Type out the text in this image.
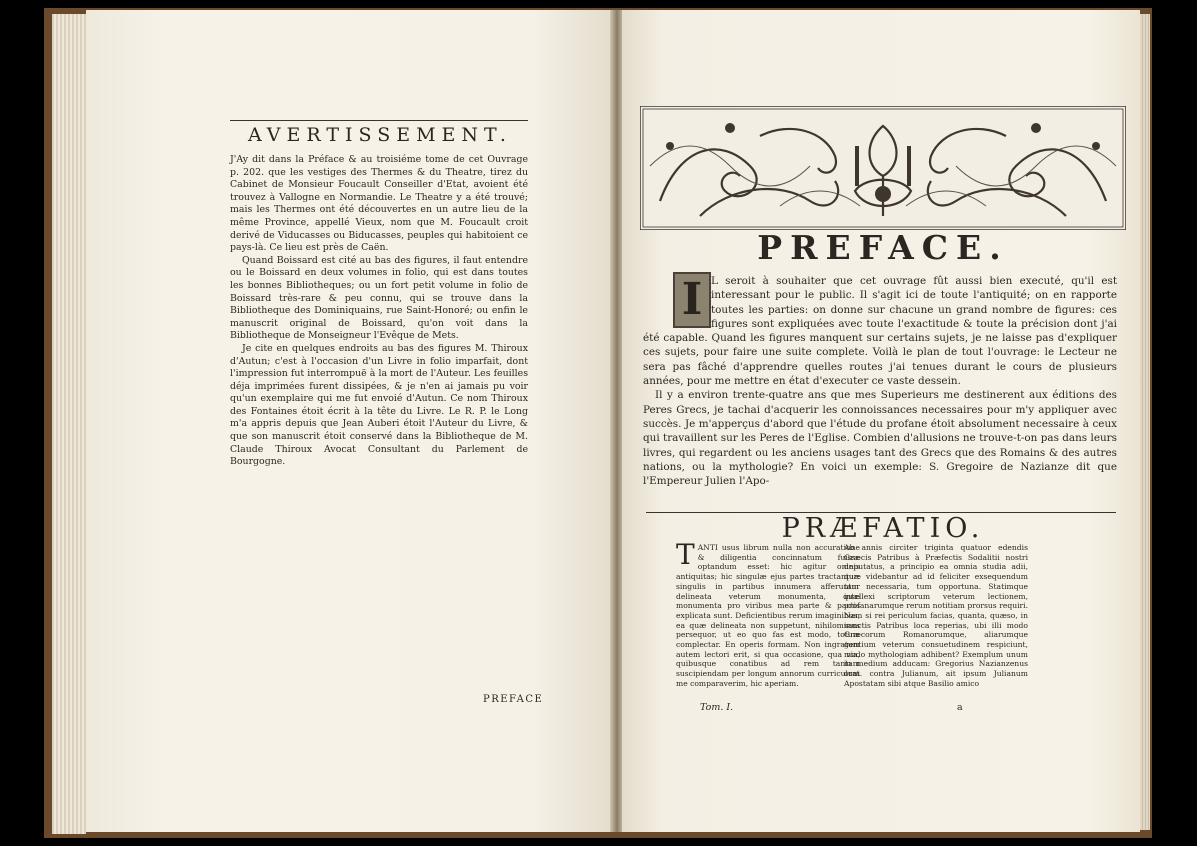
AVERTISSEMENT.

J'Ay dit dans la Préface & au troisiéme tome de cet Ouvrage p. 202. que les vestiges des Thermes & du Theatre, tirez du Cabinet de Monsieur Foucault Conseiller d'Etat, avoient été trouvez à Vallogne en Normandie. Le Theatre y a été trouvé; mais les Thermes ont été découvertes en un autre lieu de la même Province, appellé Vieux, nom que M. Foucault croit derivé de Viducasses ou Biducasses, peuples qui habitoient ce pays-là. Ce lieu est près de Caën.

Quand Boissard est cité au bas des figures, il faut entendre ou le Boissard en deux volumes in folio, qui est dans toutes les bonnes Bibliotheques; ou un fort petit volume in folio de Boissard très-rare & peu connu, qui se trouve dans la Bibliotheque des Dominiquains, rue Saint-Honoré; ou enfin le manuscrit original de Boissard, qu'on voit dans la Bibliotheque de Monseigneur l'Evêque de Mets.

Je cite en quelques endroits au bas des figures M. Thiroux d'Autun; c'est à l'occasion d'un Livre in folio imparfait, dont l'impression fut interrompuë à la mort de l'Auteur. Les feuilles déja imprimées furent dissipées, & je n'en ai jamais pu voir qu'un exemplaire qui me fut envoié d'Autun. Ce nom Thiroux des Fontaines étoit écrit à la tête du Livre. Le R. P. le Long m'a appris depuis que Jean Auberi étoit l'Auteur du Livre, & que son manuscrit étoit conservé dans la Bibliotheque de M. Claude Thiroux Avocat Consultant du Parlement de Bourgogne.

PREFACE
PREFACE.

L seroit à souhaiter que cet ouvrage fût aussi bien executé, qu'il est interessant pour le public. Il s'agit ici de toute l'antiquité; on en rapporte toutes les parties: on donne sur chacune un grand nombre de figures: ces figures sont expliquées avec toute l'exactitude & toute la précision dont j'ai été capable. Quand les figures manquent sur certains sujets, je ne laisse pas d'expliquer ces sujets, pour faire une suite complete. Voilà le plan de tout l'ouvrage: le Lecteur ne sera pas fâché d'apprendre quelles routes j'ai tenues durant le cours de plusieurs années, pour me mettre en état d'executer ce vaste dessein.

Il y a environ trente-quatre ans que mes Superieurs me destinerent aux éditions des Peres Grecs, je tachai d'acquerir les connoissances necessaires pour m'y appliquer avec succès. Je m'apperçus d'abord que l'étude du profane étoit absolument necessaire à ceux qui travaillent sur les Peres de l'Eglise. Combien d'allusions ne trouve-t-on pas dans leurs livres, qui regardent ou les anciens usages tant des Grecs que des Romains & des autres nations, ou la mythologie? En voici un exemple: S. Gregoire de Nazianze dit que l'Empereur Julien l'Apo-

I
PRÆFATIO.
TANTI usus librum nulla non accuratione & diligentia concinnatum fuisse optandum esset: hic agitur omnis antiquitas; hic singulæ ejus partes tractantur: singulis in partibus innumera afferuntur delineata veterum monumenta, quæ monumenta pro viribus mea parte & pactis explicata sunt. Deficientibus rerum imaginibus, ea quæ delineata non suppetunt, nihilominus persequor, ut eo quo fas est modo, totum complectar. En operis formam. Non ingratum autem lectori erit, si qua occasione, qua via, quibusque conatibus ad rem tantam suscipiendam per longum annorum curriculum me comparaverim, hic aperiam.
Ab annis circiter triginta quatuor edendis Græcis Patribus à Præfectis Sodalitii nostri deputatus, a principio ea omnia studia adii, quæ videbantur ad id feliciter exsequendum tam necessaria, tum opportuna. Statimque intellexi scriptorum veterum lectionem, profanarumque rerum notitiam prorsus requiri. Nam si rei periculum facias, quanta, quæso, in sanctis Patribus loca reperias, ubi illi modo Græcorum Romanorumque, aliarumque gentium veterum consuetudinem respiciunt, modo mythologiam adhibent? Exemplum unum in medium adducam: Gregorius Nazianzenus orat. contra Julianum, ait ipsum Julianum Apostatam sibi atque Basilio amico
Tom. I.	a
